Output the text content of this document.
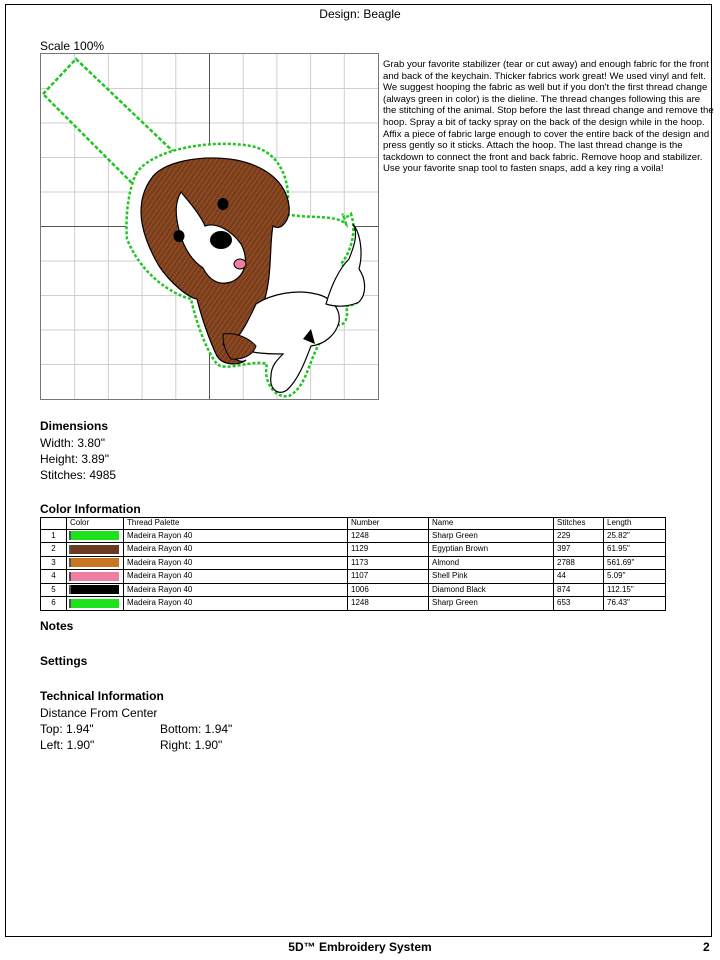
Design: Beagle
Scale 100%
Grab your favorite stabilizer (tear or cut away) and enough fabric for the front and back of the keychain. Thicker fabrics work great! We used vinyl and felt. We suggest hooping the fabric as well but if you don't the first thread change (always green in color) is the dieline. The thread changes following this are the stitching of the animal. Stop before the last thread change and remove the hoop. Spray a bit of tacky spray on the back of the design while in the hoop. Affix a piece of fabric large enough to cover the entire back of the design and press gently so it sticks. Attach the hoop. The last thread change is the tackdown to connect the front and back fabric. Remove hoop and stabilizer. Use your favorite snap tool to fasten snaps, add a key ring a voila!
Dimensions
Width: 3.80"
Height: 3.89"
Stitches: 4985
Color Information
	Color	Thread Palette	Number	Name	Stitches	Length
1		Madeira Rayon 40	1248	Sharp Green	229	25.82"
2		Madeira Rayon 40	1129	Egyptian Brown	397	61.95"
3		Madeira Rayon 40	1173	Almond	2788	561.69"
4		Madeira Rayon 40	1107	Shell Pink	44	5.09"
5		Madeira Rayon 40	1006	Diamond Black	874	112.15"
6		Madeira Rayon 40	1248	Sharp Green	653	76.43"
Notes
Settings
Technical Information
Distance From Center
Top: 1.94"	Bottom: 1.94"
Left: 1.90"	Right: 1.90"
5D™ Embroidery System	2
